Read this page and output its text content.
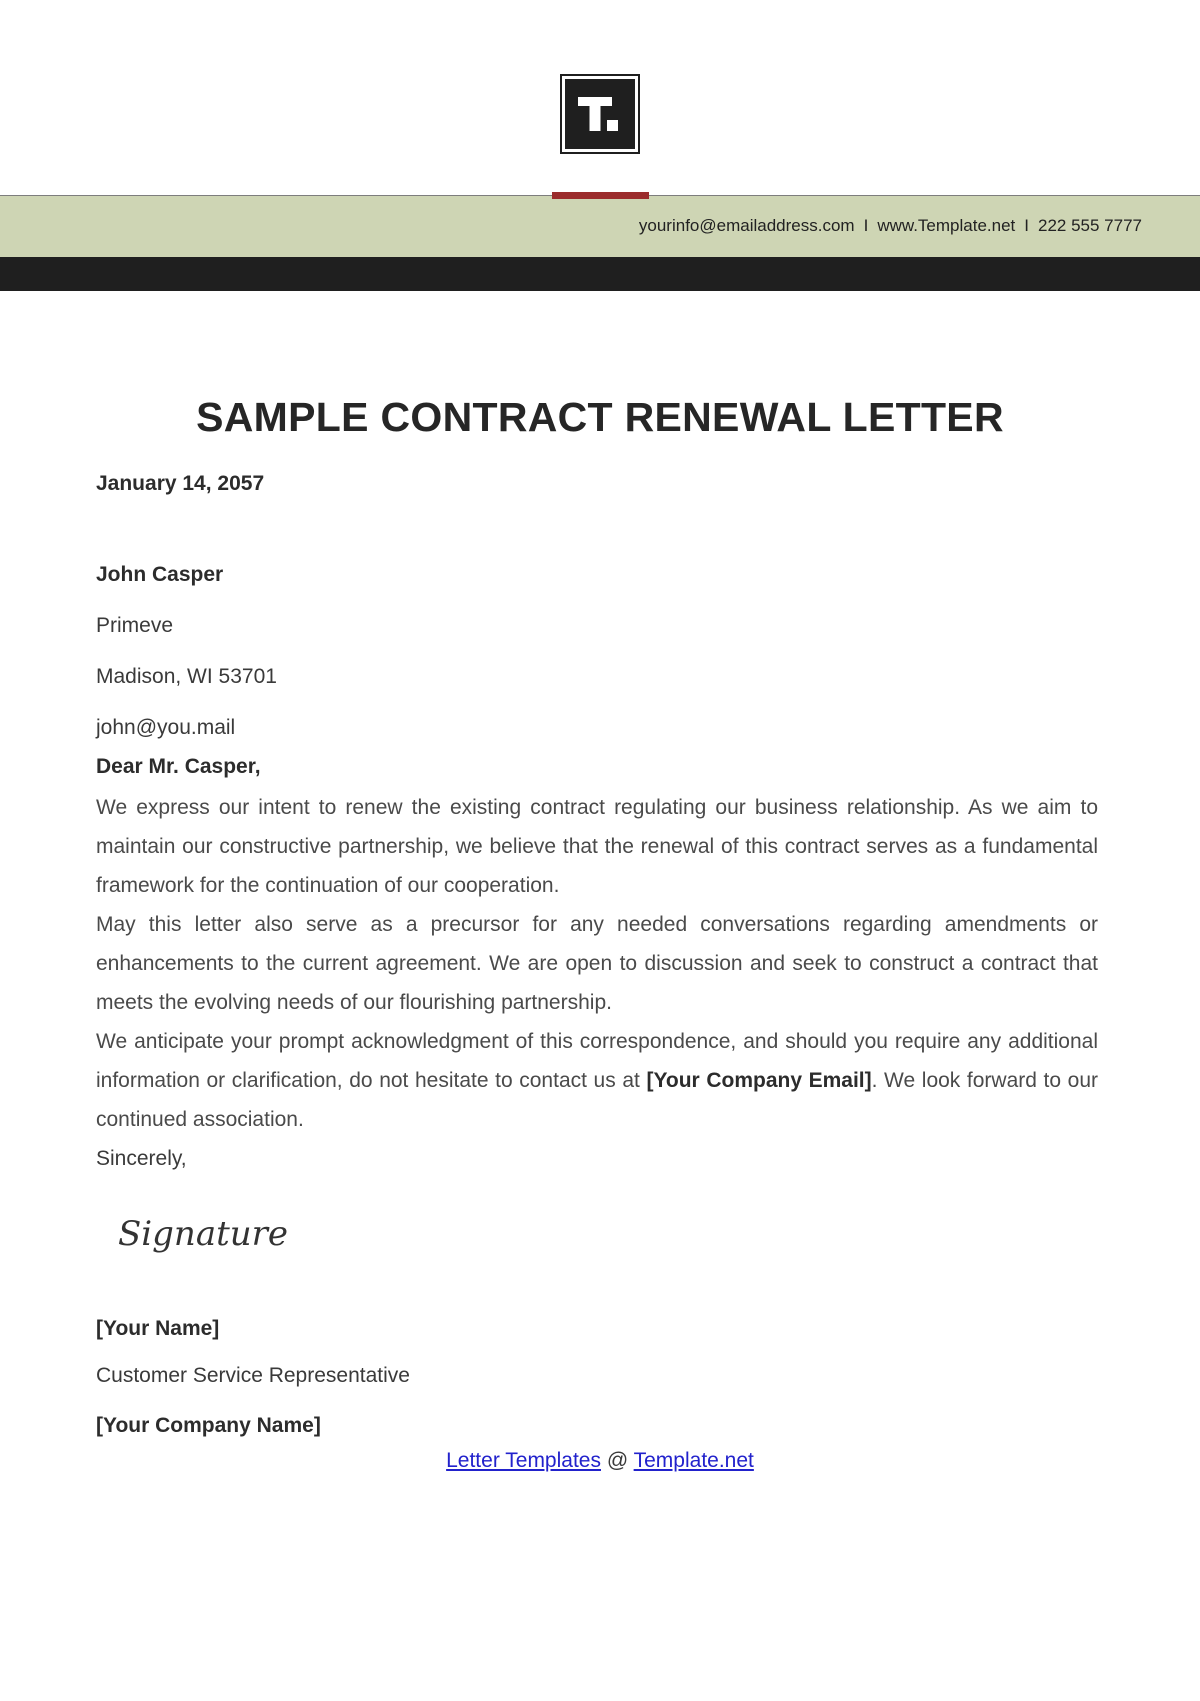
yourinfo@emailaddress.com I www.Template.net I 222 555 7777
SAMPLE CONTRACT RENEWAL LETTER
January 14, 2057
John Casper
Primeve
Madison, WI 53701
john@you.mail
Dear Mr. Casper,

We express our intent to renew the existing contract regulating our business relationship. As we aim to maintain our constructive partnership, we believe that the renewal of this contract serves as a fundamental framework for the continuation of our cooperation.

May this letter also serve as a precursor for any needed conversations regarding amendments or enhancements to the current agreement. We are open to discussion and seek to construct a contract that meets the evolving needs of our flourishing partnership.

We anticipate your prompt acknowledgment of this correspondence, and should you require any additional information or clarification, do not hesitate to contact us at [Your Company Email]. We look forward to our continued association.

Sincerely,
Signature
[Your Name]
Customer Service Representative
[Your Company Name]
Letter Templates @ Template.net
